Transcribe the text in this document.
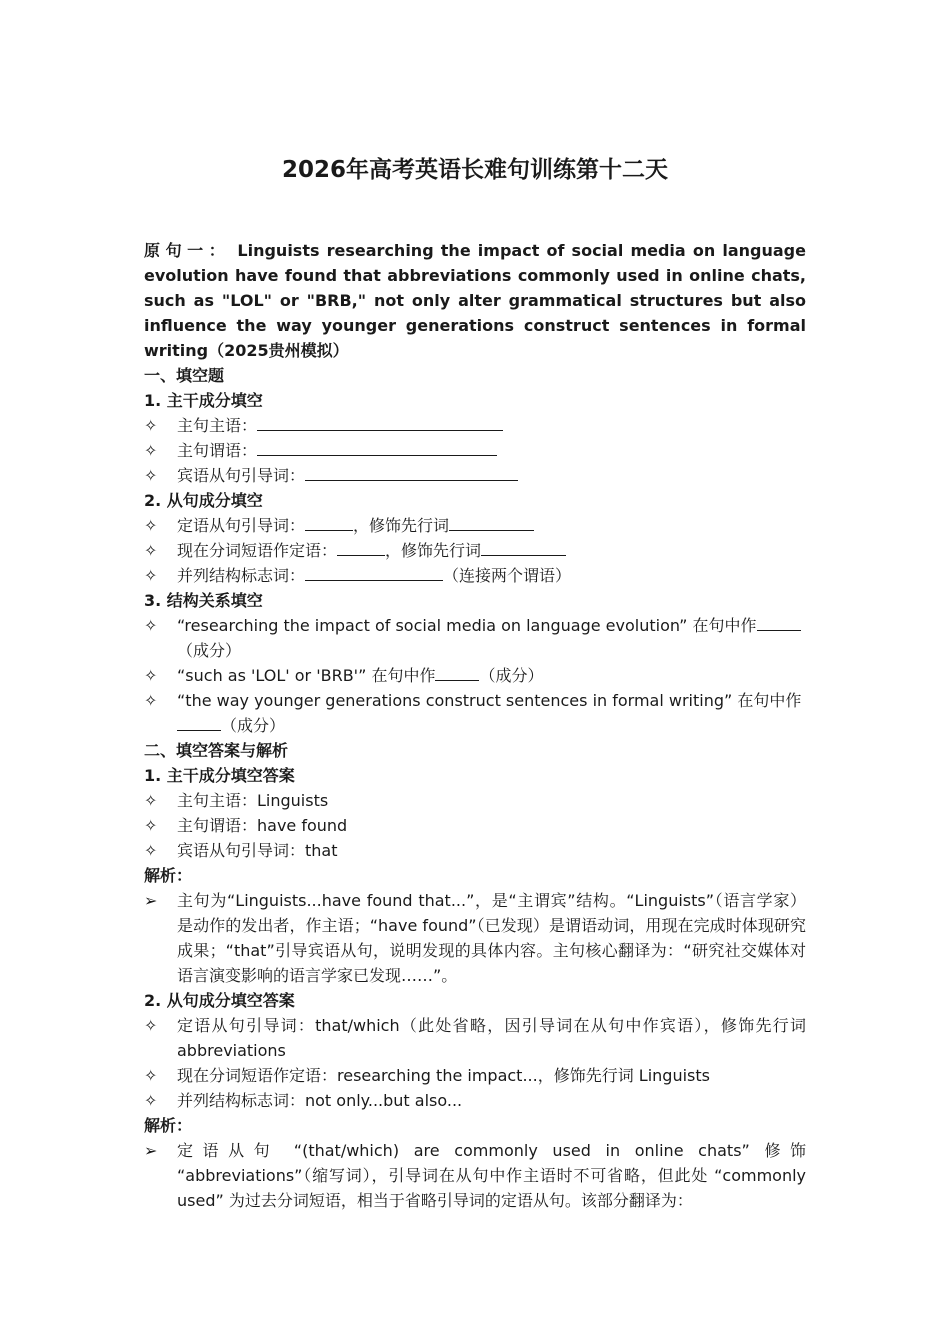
2026年高考英语长难句训练第十二天

原句一： Linguists researching the impact of social media on language evolution have found that abbreviations commonly used in online chats, such as "LOL" or "BRB," not only alter grammatical structures but also influence the way younger generations construct sentences in formal writing（2025贵州模拟）

一、填空题

1. 主干成分填空

✧	主句主语：
✧	主句谓语：
✧	宾语从句引导词：

2. 从句成分填空

✧	定语从句引导词：	，修饰先行词
✧	现在分词短语作定语：	，修饰先行词
✧	并列结构标志词：	（连接两个谓语）

3. 结构关系填空

✧	“researching the impact of social media on language evolution” 在句中作（成分）
✧	“such as 'LOL' or 'BRB'” 在句中作	（成分）
✧	“the way younger generations construct sentences in formal writing” 在句中作（成分）

二、填空答案与解析

1. 主干成分填空答案

✧	主句主语：Linguists
✧	主句谓语：have found
✧	宾语从句引导词：that

解析：

➢	主句为“Linguists...have found that...”，是“主谓宾”结构。“Linguists”（语言学家）是动作的发出者，作主语；“have found”（已发现）是谓语动词，用现在完成时体现研究成果；“that”引导宾语从句，说明发现的具体内容。主句核心翻译为：“研究社交媒体对语言演变影响的语言学家已发现……”。

2. 从句成分填空答案

✧	定语从句引导词：that/which（此处省略，因引导词在从句中作宾语），修饰先行词 abbreviations
✧	现在分词短语作定语：researching the impact...，修饰先行词 Linguists
✧	并列结构标志词：not only...but also...

解析：

➢	定语从句 “(that/which) are commonly used in online chats” 修饰 “abbreviations”（缩写词），引导词在从句中作主语时不可省略，但此处 “commonly used” 为过去分词短语，相当于省略引导词的定语从句。该部分翻译为：
